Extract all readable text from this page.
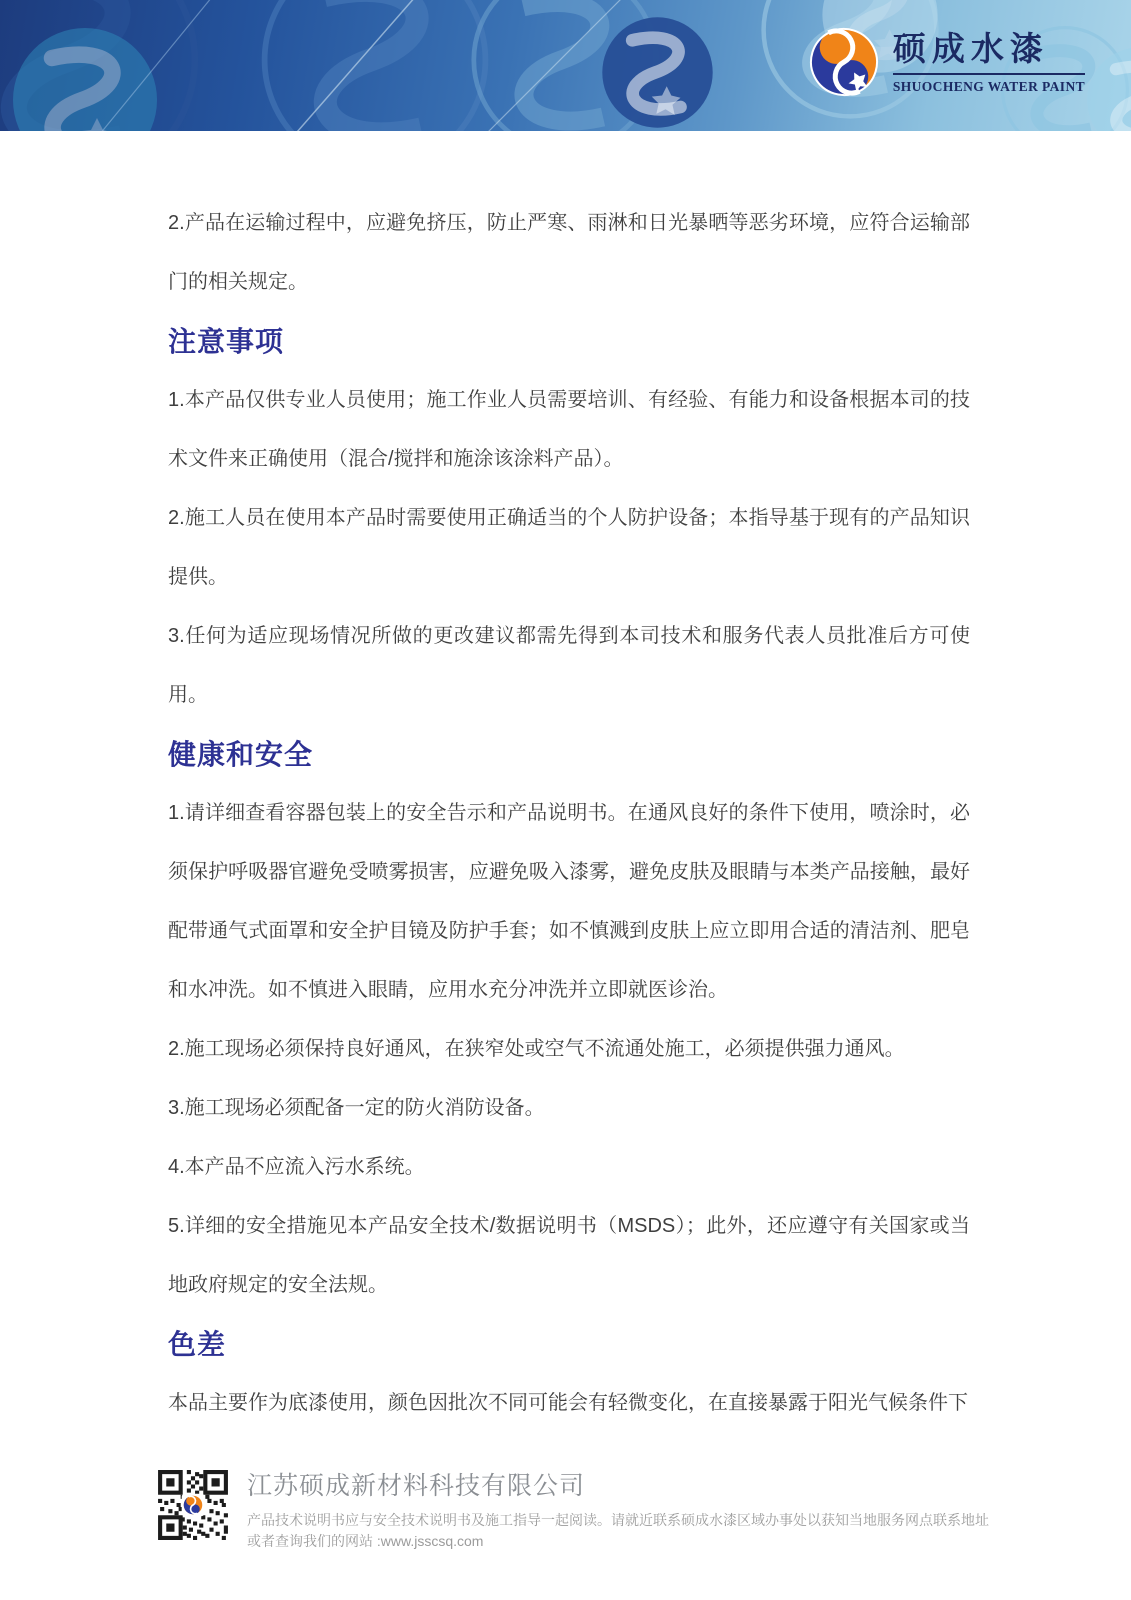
硕成水漆
SHUOCHENG WATER PAINT

2.产品在运输过程中，应避免挤压，防止严寒、雨淋和日光暴晒等恶劣环境，应符合运输部门的相关规定。

注意事项

1.本产品仅供专业人员使用；施工作业人员需要培训、有经验、有能力和设备根据本司的技术文件来正确使用（混合/搅拌和施涂该涂料产品）。

2.施工人员在使用本产品时需要使用正确适当的个人防护设备；本指导基于现有的产品知识提供。

3.任何为适应现场情况所做的更改建议都需先得到本司技术和服务代表人员批准后方可使用。

健康和安全

1.请详细查看容器包装上的安全告示和产品说明书。在通风良好的条件下使用，喷涂时，必须保护呼吸器官避免受喷雾损害，应避免吸入漆雾，避免皮肤及眼睛与本类产品接触，最好配带通气式面罩和安全护目镜及防护手套；如不慎溅到皮肤上应立即用合适的清洁剂、肥皂和水冲洗。如不慎进入眼睛，应用水充分冲洗并立即就医诊治。

2.施工现场必须保持良好通风，在狭窄处或空气不流通处施工，必须提供强力通风。

3.施工现场必须配备一定的防火消防设备。

4.本产品不应流入污水系统。

5.详细的安全措施见本产品安全技术/数据说明书（MSDS）；此外，还应遵守有关国家或当地政府规定的安全法规。

色差

本品主要作为底漆使用，颜色因批次不同可能会有轻微变化，在直接暴露于阳光气候条件下

江苏硕成新材料科技有限公司
产品技术说明书应与安全技术说明书及施工指导一起阅读。请就近联系硕成水漆区域办事处以获知当地服务网点联系地址
或者查询我们的网站 :www.jsscsq.com
